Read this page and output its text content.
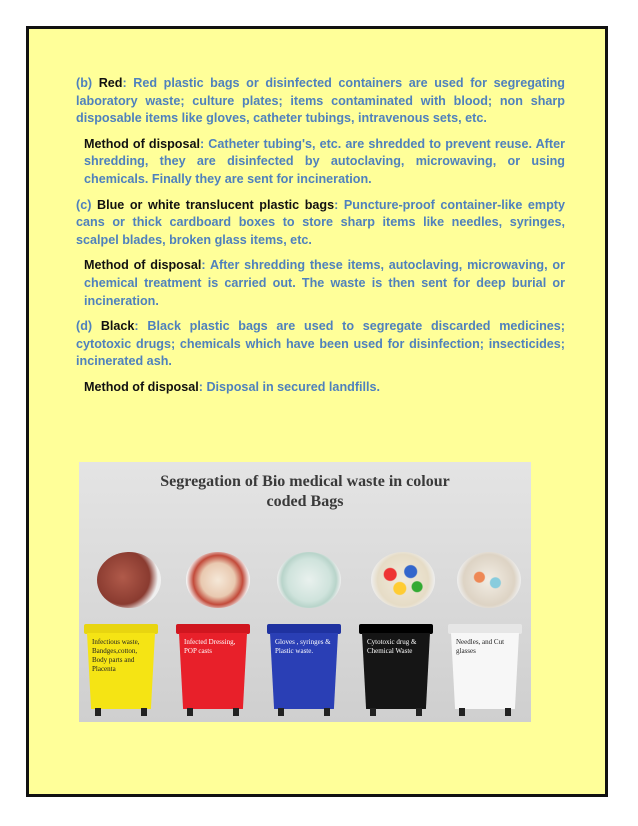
(b) Red: Red plastic bags or disinfected containers are used for segregating laboratory waste; culture plates; items contaminated with blood; non sharp disposable items like gloves, catheter tubings, intravenous sets, etc.

Method of disposal: Catheter tubing's, etc. are shredded to prevent reuse. After shredding, they are disinfected by autoclaving, microwaving, or using chemicals. Finally they are sent for incineration.

(c) Blue or white translucent plastic bags: Puncture-proof container-like empty cans or thick cardboard boxes to store sharp items like needles, syringes, scalpel blades, broken glass items, etc.

Method of disposal: After shredding these items, autoclaving, microwaving, or chemical treatment is carried out. The waste is then sent for deep burial or incineration.

(d) Black: Black plastic bags are used to segregate discarded medicines; cytotoxic drugs; chemicals which have been used for disinfection; insecticides; incinerated ash.

Method of disposal: Disposal in secured landfills.

Segregation of Bio medical waste in colour
coded Bags
Infectious waste, Bandges,cotton, Body parts and Placenta
Infected Dressing, POP casts
Gloves , syringes & Plastic waste.
Cytotoxic drug & Chemical Waste
Needles, and Cut glasses
